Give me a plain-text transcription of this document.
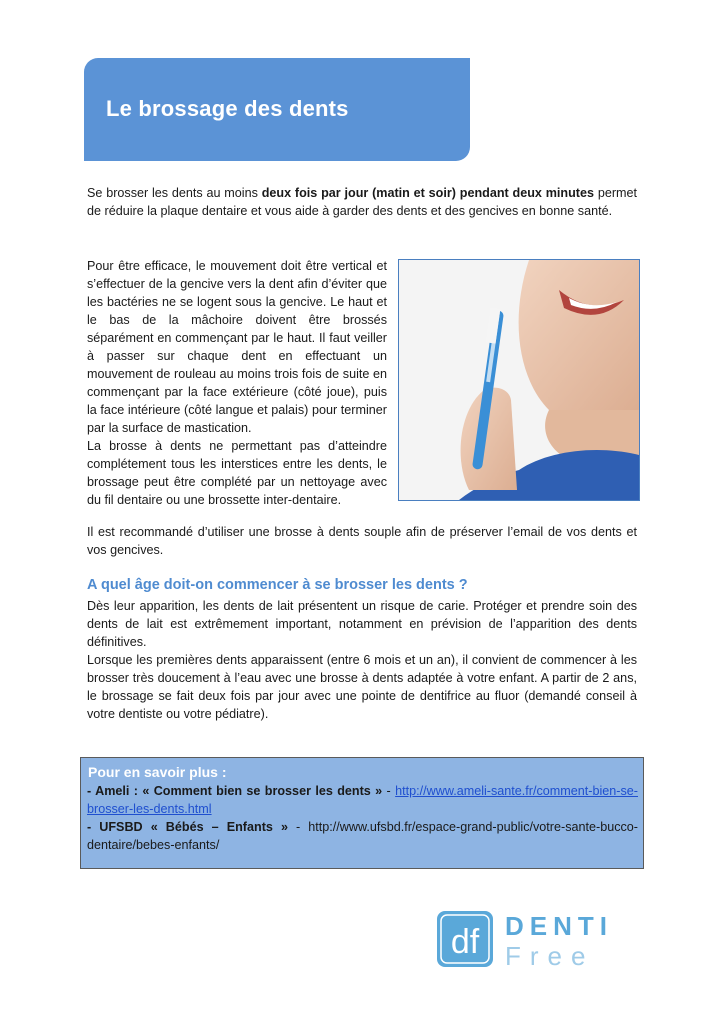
Le brossage des dents

Se brosser les dents au moins deux fois par jour (matin et soir) pendant deux minutes permet de réduire la plaque dentaire et vous aide à garder des dents et des gencives en bonne santé.

Pour être efficace, le mouvement doit être vertical et s’effectuer de la gencive vers la dent afin d’éviter que les bactéries ne se logent sous la gencive. Le haut et le bas de la mâchoire doivent être brossés séparément en commençant par le haut. Il faut veiller à passer sur chaque dent en effectuant un mouvement de rouleau au moins trois fois de suite en commençant par la face extérieure (côté joue), puis la face intérieure (côté langue et palais) pour terminer par la surface de mastication.
La brosse à dents ne permettant pas d’atteindre complétement tous les interstices entre les dents, le brossage peut être complété par un nettoyage avec du fil dentaire ou une brossette inter-dentaire.

Il est recommandé d’utiliser une brosse à dents souple afin de préserver l’email de vos dents et vos gencives.

A quel âge doit-on commencer à se brosser les dents ?
Dès leur apparition, les dents de lait présentent un risque de carie. Protéger et prendre soin des dents de lait est extrêmement important, notamment en prévision de l’apparition des dents définitives.
Lorsque les premières dents apparaissent (entre 6 mois et un an), il convient de commencer à les brosser très doucement à l’eau avec une brosse à dents adaptée à votre enfant. A partir de 2 ans, le brossage se fait deux fois par jour avec une pointe de dentifrice au fluor (demandé conseil à votre dentiste ou votre pédiatre).
Pour en savoir plus :
- Ameli : « Comment bien se brosser les dents » - http://www.ameli-sante.fr/comment-bien-se-brosser-les-dents.html
- UFSBD « Bébés – Enfants » - http://www.ufsbd.fr/espace-grand-public/votre-sante-bucco-dentaire/bebes-enfants/
df DENTI
Free
